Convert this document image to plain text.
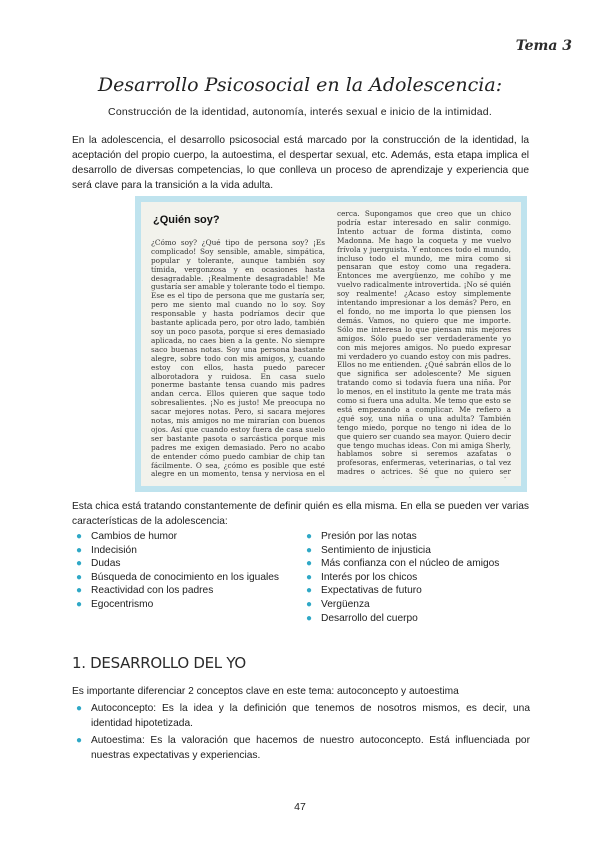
Tema 3
Desarrollo Psicosocial en la Adolescencia:
Construcción de la identidad, autonomía, interés sexual e inicio de la intimidad.

En la adolescencia, el desarrollo psicosocial está marcado por la construcción de la identidad, la aceptación del propio cuerpo, la autoestima, el despertar sexual, etc. Además, esta etapa implica el desarrollo de diversas competencias, lo que conlleva un proceso de aprendizaje y experiencia que será clave para la transición a la vida adulta.

¿Quién soy?
¿Cómo soy? ¿Qué tipo de persona soy? ¡Es complicado! Soy sensible, amable, simpática, popular y tolerante, aunque también soy tímida, vergonzosa y en ocasiones hasta desagradable. ¡Realmente desagradable! Me gustaría ser amable y tolerante todo el tiempo. Ese es el tipo de persona que me gustaría ser, pero me siento mal cuando no lo soy. Soy responsable y hasta podríamos decir que bastante aplicada pero, por otro lado, también soy un poco pasota, porque si eres demasiado aplicada, no caes bien a la gente. No siempre saco buenas notas. Soy una persona bastante alegre, sobre todo con mis amigos, y, cuando estoy con ellos, hasta puedo parecer alborotadora y ruidosa. En casa suelo ponerme bastante tensa cuando mis padres andan cerca. Ellos quieren que saque todo sobresalientes. ¡No es justo! Me preocupa no sacar mejores notas. Pero, si sacara mejores notas, mis amigos no me mirarían con buenos ojos. Así que cuando estoy fuera de casa suelo ser bastante pasota o sarcástica porque mis padres me exigen demasiado. Pero no acabo de entender cómo puedo cambiar de chip tan fácilmente. O sea, ¿cómo es posible que esté alegre en un momento, tensa y nerviosa en el
cerca. Supongamos que creo que un chico podría estar interesado en salir conmigo. Intento actuar de forma distinta, como Madonna. Me hago la coqueta y me vuelvo frívola y juerguista. Y entonces todo el mundo, incluso todo el mundo, me mira como si pensaran que estoy como una regadera. Entonces me avergüenzo, me cohíbo y me vuelvo radicalmente introvertida. ¡No sé quién soy realmente! ¿Acaso estoy simplemente intentando impresionar a los demás? Pero, en el fondo, no me importa lo que piensen los demás. Vamos, no quiero que me importe. Sólo me interesa lo que piensan mis mejores amigos. Sólo puedo ser verdaderamente yo con mis mejores amigos. No puedo expresar mi verdadero yo cuando estoy con mis padres. Ellos no me entienden. ¿Qué sabrán ellos de lo que significa ser adolescente? Me siguen tratando como si todavía fuera una niña. Por lo menos, en el instituto la gente me trata más como si fuera una adulta. Me temo que esto se está empezando a complicar. Me refiero a ¿qué soy, una niña o una adulta? También tengo miedo, porque no tengo ni idea de lo que quiero ser cuando sea mayor. Quiero decir que tengo muchas ideas. Con mi amiga Sherly, hablamos sobre si seremos azafatas o profesoras, enfermeras, veterinarias, o tal vez madres o actrices. Sé que no quiero ser

Esta chica está tratando constantemente de definir quién es ella misma. En ella se pueden ver varias características de la adolescencia:

● Cambios de humor
● Indecisión
● Dudas
● Búsqueda de conocimiento en los iguales
● Reactividad con los padres
● Egocentrismo
● Presión por las notas
● Sentimiento de injusticia
● Más confianza con el núcleo de amigos
● Interés por los chicos
● Expectativas de futuro
● Vergüenza
● Desarrollo del cuerpo
1. DESARROLLO DEL YO

Es importante diferenciar 2 conceptos clave en este tema: autoconcepto y autoestima

● Autoconcepto: Es la idea y la definición que tenemos de nosotros mismos, es decir, una identidad hipotetizada.
● Autoestima: Es la valoración que hacemos de nuestro autoconcepto. Está influenciada por nuestras expectativas y experiencias.
47
